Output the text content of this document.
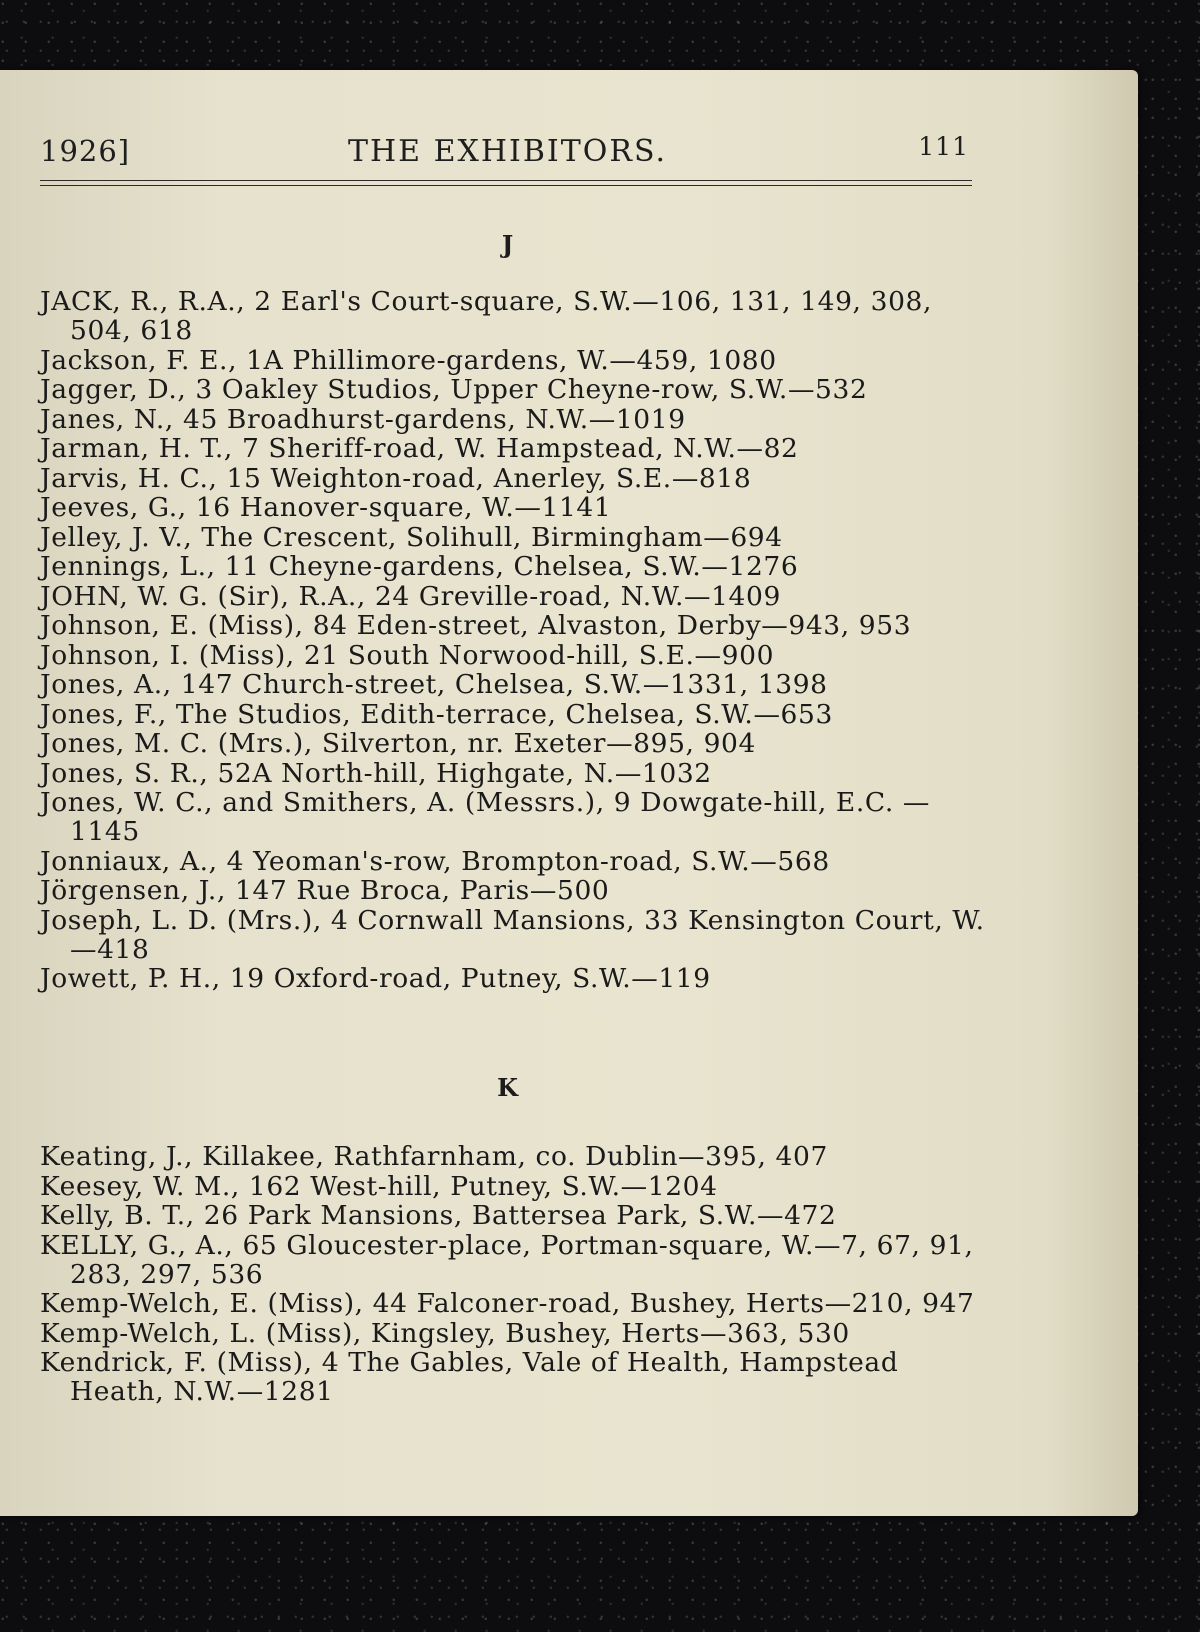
1926]	THE EXHIBITORS.	111
J

JACK, R., R.A., 2 Earl's Court-square, S.W.—106, 131, 149, 308, 504, 618

Jackson, F. E., 1A Phillimore-gardens, W.—459, 1080

Jagger, D., 3 Oakley Studios, Upper Cheyne-row, S.W.—532

Janes, N., 45 Broadhurst-gardens, N.W.—1019

Jarman, H. T., 7 Sheriff-road, W. Hampstead, N.W.—82

Jarvis, H. C., 15 Weighton-road, Anerley, S.E.—818

Jeeves, G., 16 Hanover-square, W.—1141

Jelley, J. V., The Crescent, Solihull, Birmingham—694

Jennings, L., 11 Cheyne-gardens, Chelsea, S.W.—1276

JOHN, W. G. (Sir), R.A., 24 Greville-road, N.W.—1409

Johnson, E. (Miss), 84 Eden-street, Alvaston, Derby—943, 953

Johnson, I. (Miss), 21 South Norwood-hill, S.E.—900

Jones, A., 147 Church-street, Chelsea, S.W.—1331, 1398

Jones, F., The Studios, Edith-terrace, Chelsea, S.W.—653

Jones, M. C. (Mrs.), Silverton, nr. Exeter—895, 904

Jones, S. R., 52A North-hill, Highgate, N.—1032

Jones, W. C., and Smithers, A. (Messrs.), 9 Dowgate-hill, E.C. —1145

Jonniaux, A., 4 Yeoman's-row, Brompton-road, S.W.—568

Jörgensen, J., 147 Rue Broca, Paris—500

Joseph, L. D. (Mrs.), 4 Cornwall Mansions, 33 Kensington Court, W.—418

Jowett, P. H., 19 Oxford-road, Putney, S.W.—119

K

Keating, J., Killakee, Rathfarnham, co. Dublin—395, 407

Keesey, W. M., 162 West-hill, Putney, S.W.—1204

Kelly, B. T., 26 Park Mansions, Battersea Park, S.W.—472

KELLY, G., A., 65 Gloucester-place, Portman-square, W.—7, 67, 91, 283, 297, 536

Kemp-Welch, E. (Miss), 44 Falconer-road, Bushey, Herts—210, 947

Kemp-Welch, L. (Miss), Kingsley, Bushey, Herts—363, 530

Kendrick, F. (Miss), 4 The Gables, Vale of Health, Hampstead Heath, N.W.—1281
